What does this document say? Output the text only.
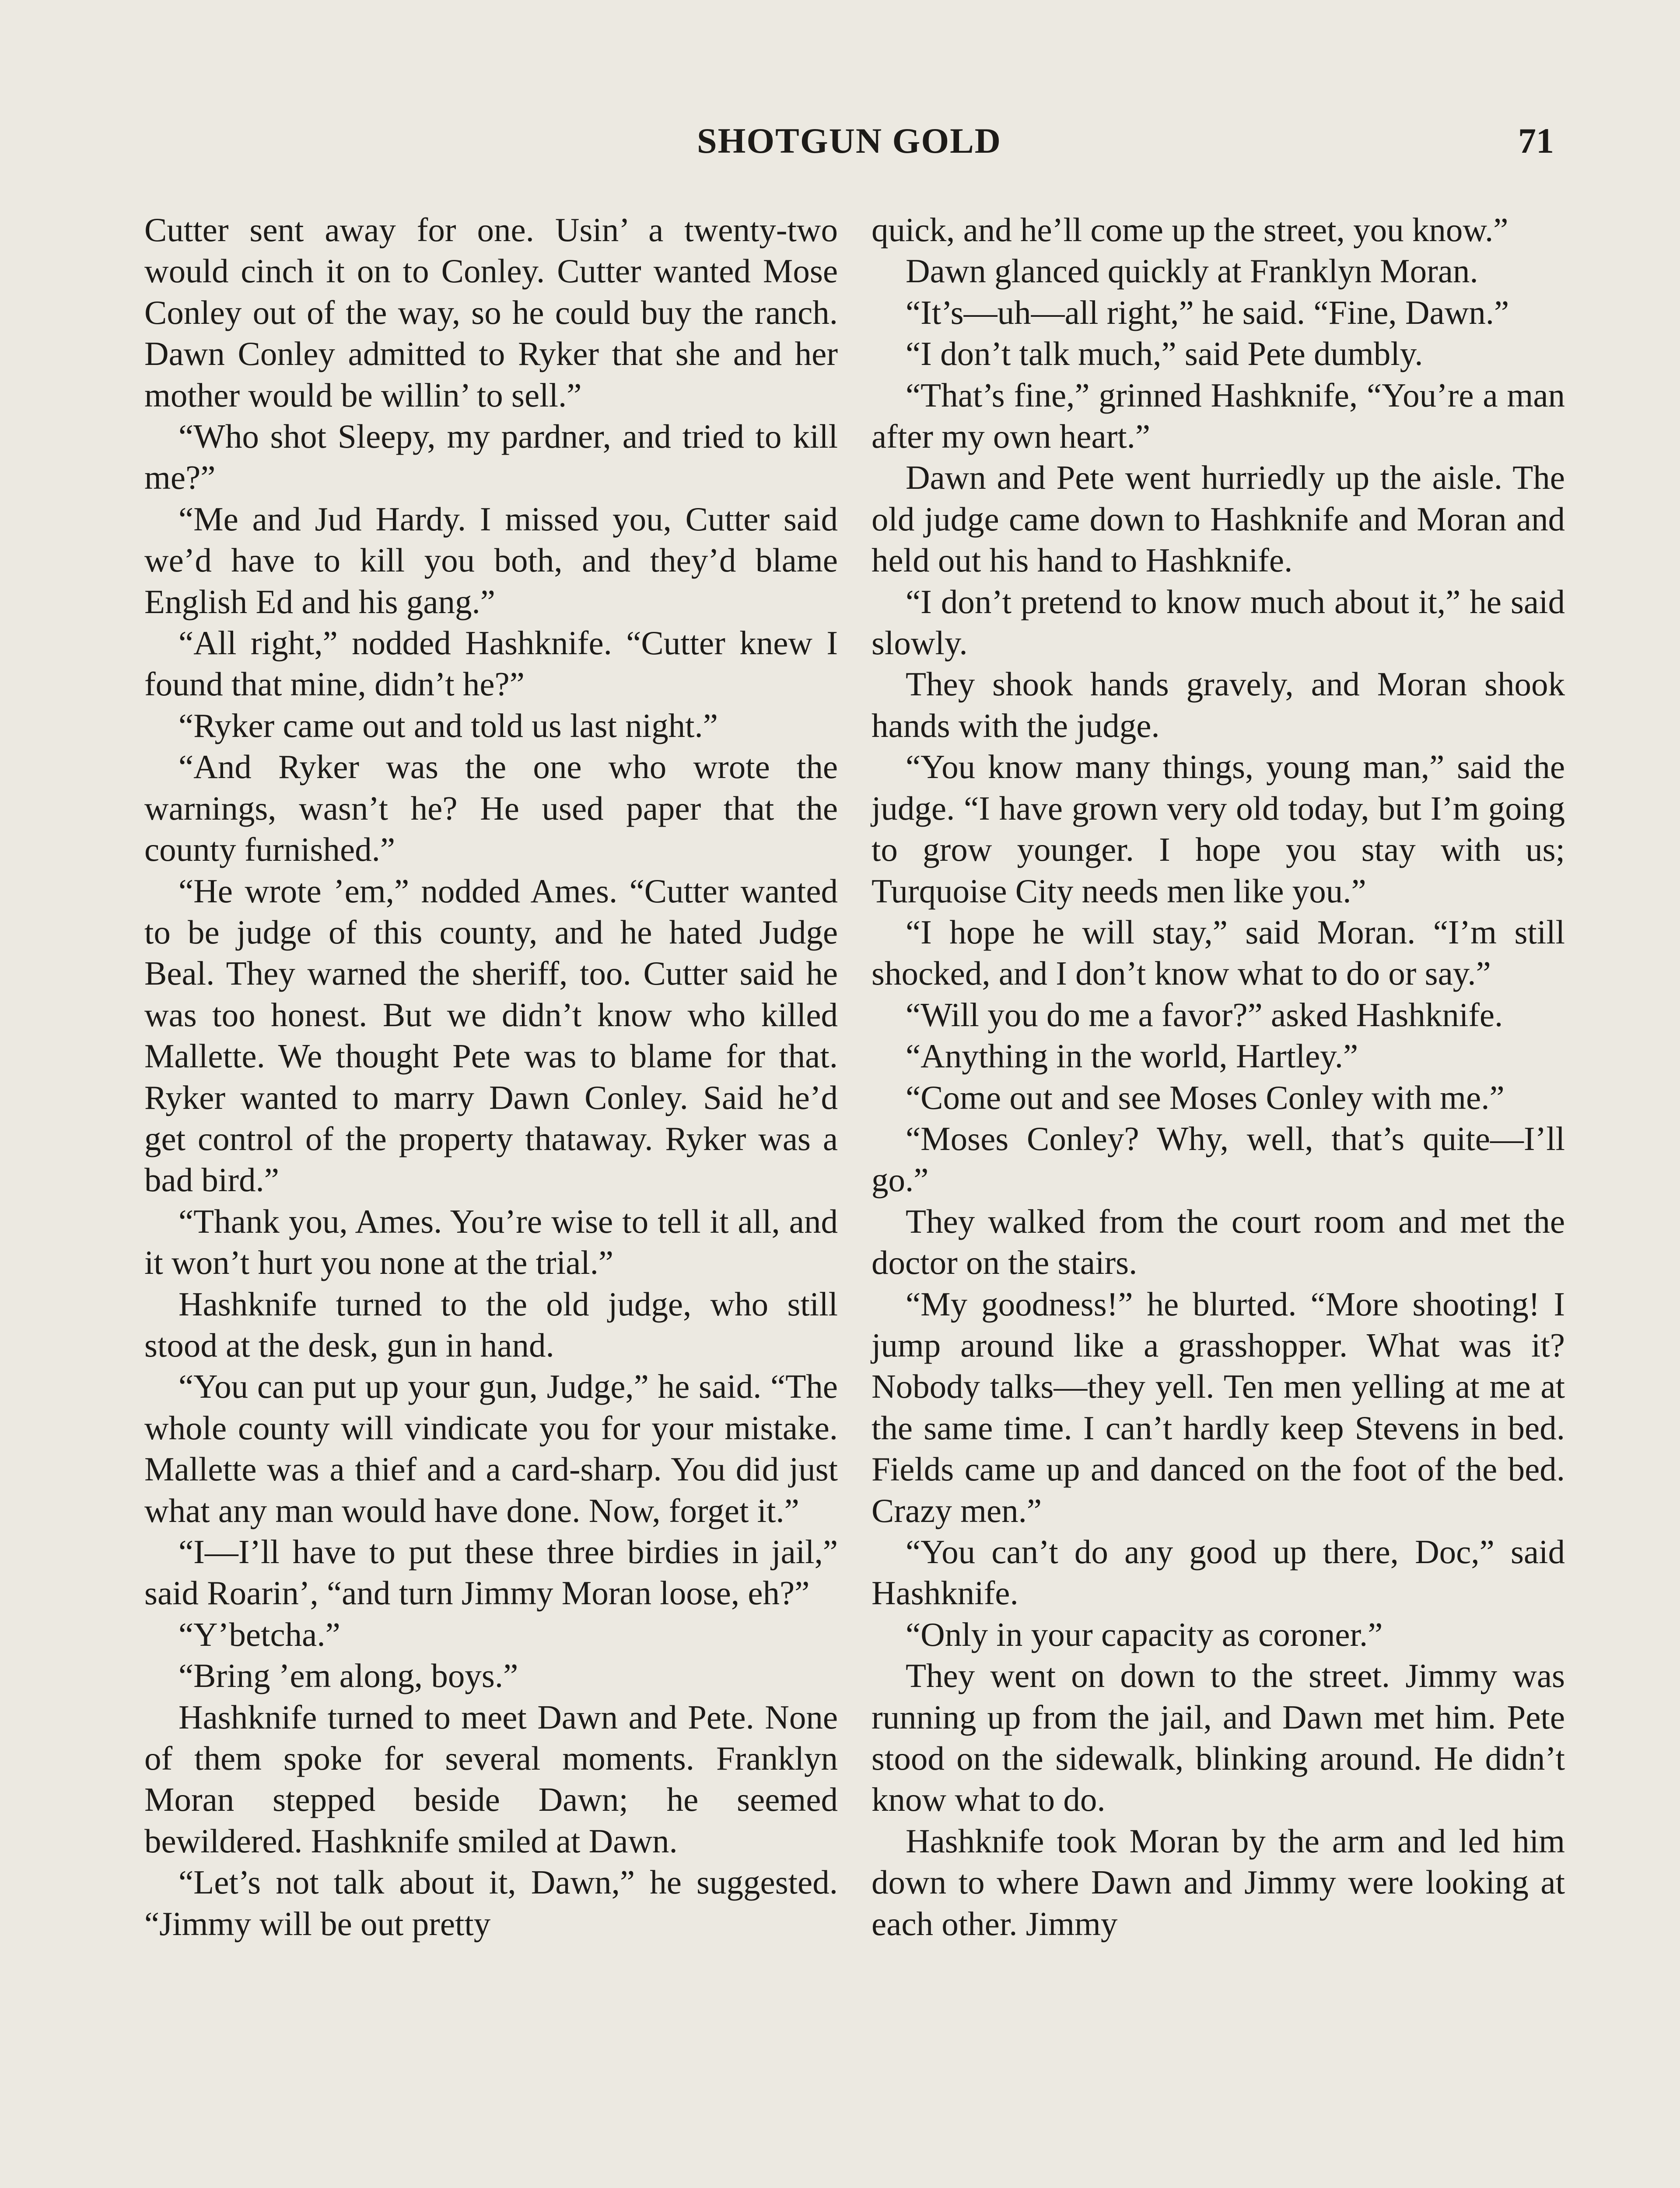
SHOTGUN GOLD	71

Cutter sent away for one. Usin’ a twenty-two would cinch it on to Conley. Cutter wanted Mose Conley out of the way, so he could buy the ranch. Dawn Conley admitted to Ryker that she and her mother would be willin’ to sell.”

“Who shot Sleepy, my pardner, and tried to kill me?”

“Me and Jud Hardy. I missed you, Cutter said we’d have to kill you both, and they’d blame English Ed and his gang.”

“All right,” nodded Hashknife. “Cutter knew I found that mine, didn’t he?”

“Ryker came out and told us last night.”

“And Ryker was the one who wrote the warnings, wasn’t he? He used paper that the county furnished.”

“He wrote ’em,” nodded Ames. “Cutter wanted to be judge of this county, and he hated Judge Beal. They warned the sheriff, too. Cutter said he was too honest. But we didn’t know who killed Mallette. We thought Pete was to blame for that. Ryker wanted to marry Dawn Conley. Said he’d get control of the property thataway. Ryker was a bad bird.”

“Thank you, Ames. You’re wise to tell it all, and it won’t hurt you none at the trial.”

Hashknife turned to the old judge, who still stood at the desk, gun in hand.

“You can put up your gun, Judge,” he said. “The whole county will vindicate you for your mistake. Mallette was a thief and a card-sharp. You did just what any man would have done. Now, forget it.”

“I—I’ll have to put these three birdies in jail,” said Roarin’, “and turn Jimmy Moran loose, eh?”

“Y’betcha.”

“Bring ’em along, boys.”

Hashknife turned to meet Dawn and Pete. None of them spoke for several moments. Franklyn Moran stepped beside Dawn; he seemed bewildered. Hashknife smiled at Dawn.

“Let’s not talk about it, Dawn,” he suggested. “Jimmy will be out pretty

quick, and he’ll come up the street, you know.”

Dawn glanced quickly at Franklyn Moran.

“It’s—uh—all right,” he said. “Fine, Dawn.”

“I don’t talk much,” said Pete dumbly.

“That’s fine,” grinned Hashknife, “You’re a man after my own heart.”

Dawn and Pete went hurriedly up the aisle. The old judge came down to Hashknife and Moran and held out his hand to Hashknife.

“I don’t pretend to know much about it,” he said slowly.

They shook hands gravely, and Moran shook hands with the judge.

“You know many things, young man,” said the judge. “I have grown very old today, but I’m going to grow younger. I hope you stay with us; Turquoise City needs men like you.”

“I hope he will stay,” said Moran. “I’m still shocked, and I don’t know what to do or say.”

“Will you do me a favor?” asked Hashknife.

“Anything in the world, Hartley.”

“Come out and see Moses Conley with me.”

“Moses Conley? Why, well, that’s quite—I’ll go.”

They walked from the court room and met the doctor on the stairs.

“My goodness!” he blurted. “More shooting! I jump around like a grasshopper. What was it? Nobody talks—they yell. Ten men yelling at me at the same time. I can’t hardly keep Stevens in bed. Fields came up and danced on the foot of the bed. Crazy men.”

“You can’t do any good up there, Doc,” said Hashknife.

“Only in your capacity as coroner.”

They went on down to the street. Jimmy was running up from the jail, and Dawn met him. Pete stood on the sidewalk, blinking around. He didn’t know what to do.

Hashknife took Moran by the arm and led him down to where Dawn and Jimmy were looking at each other. Jimmy
